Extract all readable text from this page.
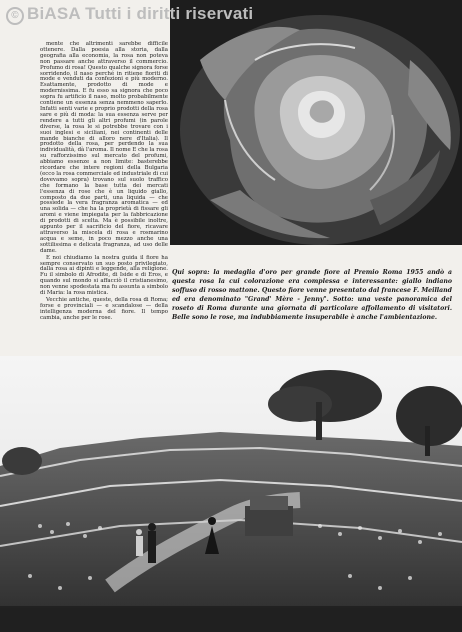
© BiASA Tutti i diritti riservati

mente che altrimenti sarebbe difficile ottenere. Dalla poesia alla storia, dalla geografia alla economia, la rosa non poteva non passare anche attraverso il commercio. Profumo di rosa! Questo qualche signora forse sorridendo, il naso perché in ritiene fioriti di mode e venduti da confezioni e più moderno. Esattamente, prodotto di mode e modernissima. E fu esso sa signora che poco sopra fu artificio il naso, molto probabilmente contiene un essenza senza nemmeno saperlo. Infatti senti varie e proprio prodotti della rosa sare e più di moda: la sua essenza serve per rendere a tutti gli altri profumi (in parole diverse, la rosa le si potrebbe trovare con i suoi inglesi e siciliani, nei continenti delle mande bianche di alloro nere d'Italia). Il prodotto della rosa, per perdendo la sua individualità, dà l'aroma. Il nome E che la rosa su rafforzissimo sul mercato del profumi, abbiamo essenze a non limite: basterebbe ricordare che intere regioni della Bulgaria (ecco la rosa commerciale ed industriale di cui dovevamo sopra) trovano sul suolo traffico che formano la base tutta dei mercati l'essenza di rose che è un liquido giallo, composto da due parti, una liquida — che possiede la vera fragranza aromatica — ed una solida — che ha la proprietà di fissare gli aromi e viene impiegata per la fabbricazione di prodotti di scelta. Ma è possibile inoltre, appunto per il sacrificio del fiore, ricavare attraverso la miscela di rosa e rosmarino acqua e seme, in poco mezzo anche una sottilissima e delicata fragranza, ad uso delle dame.

E noi chiudiamo la nostra guida il fiore ha sempre conservato un suo posto privilegiato, dalla rosa ai dipinti e leggende, alla religione. Fu il simbolo di Afrodite, di Iside e di Eros, e quando sul mondo si affacciò il cristianesimo, non venne spodestata ma fu assunta a simbolo di Maria: la rosa mistica.

Vecchie antiche, queste, della rosa di Roma; forse e provinciali — e scandalose — della intelligenza moderna del fiore. Il tempo cambia, anche per le rose.

Qui sopra: la medaglia d'oro per grande fiore al Premio Roma 1955 andò a questa rosa la cui colorazione era complessa e interessante: giallo indiano soffuso di rosso mattone. Questo fiore venne presentato dal francese F. Meilland ed era denominato "Grand' Mère - Jenny". Sotto: una veste panoramica del roseto di Roma durante una giornata di particolare affollamento di visitatori. Belle sono le rose, ma indubbiamente insuperabile è anche l'ambientazione.
